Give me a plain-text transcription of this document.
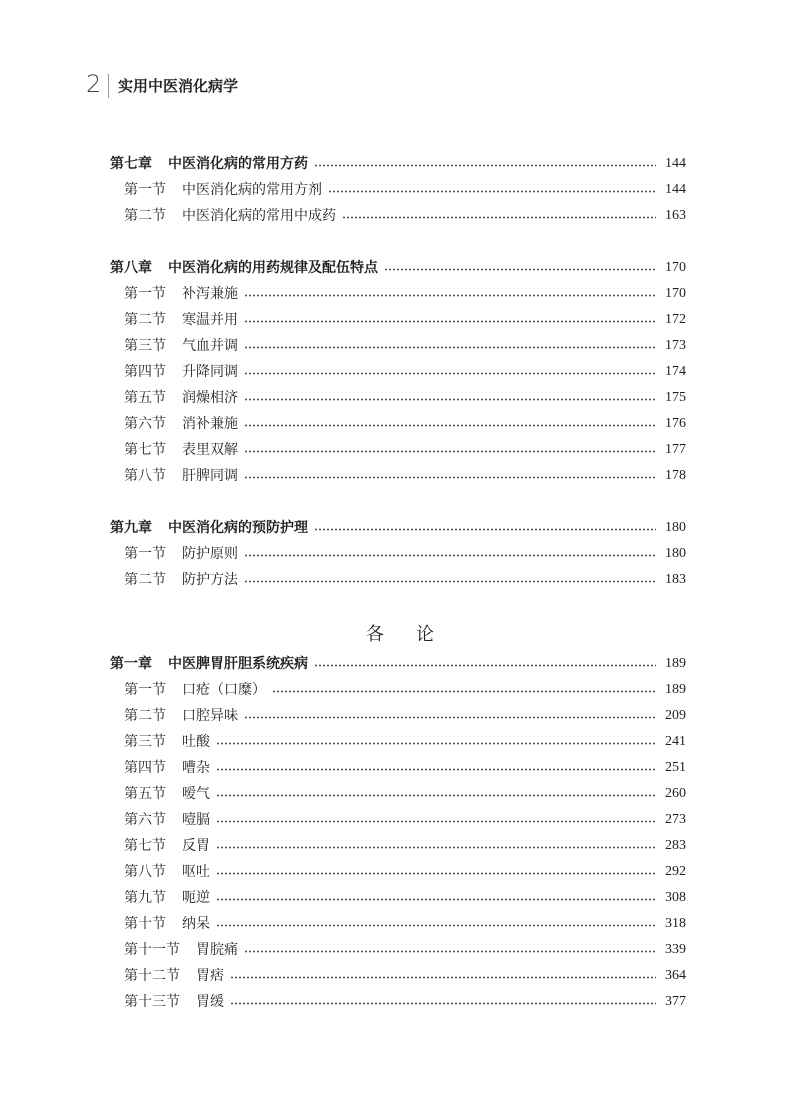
2 实用中医消化病学
第七章 中医消化病的常用方药	144
第一节 中医消化病的常用方剂	144
第二节 中医消化病的常用中成药	163
第八章 中医消化病的用药规律及配伍特点	170
第一节 补泻兼施	170
第二节 寒温并用	172
第三节 气血并调	173
第四节 升降同调	174
第五节 润燥相济	175
第六节 消补兼施	176
第七节 表里双解	177
第八节 肝脾同调	178
第九章 中医消化病的预防护理	180
第一节 防护原则	180
第二节 防护方法	183
第一章 中医脾胃肝胆系统疾病	189
第一节 口疮（口糜）	189
第二节 口腔异味	209
第三节 吐酸	241
第四节 嘈杂	251
第五节 嗳气	260
第六节 噎膈	273
第七节 反胃	283
第八节 呕吐	292
第九节 呃逆	308
第十节 纳呆	318
第十一节 胃脘痛	339
第十二节 胃痞	364
第十三节 胃缓	377
各论
